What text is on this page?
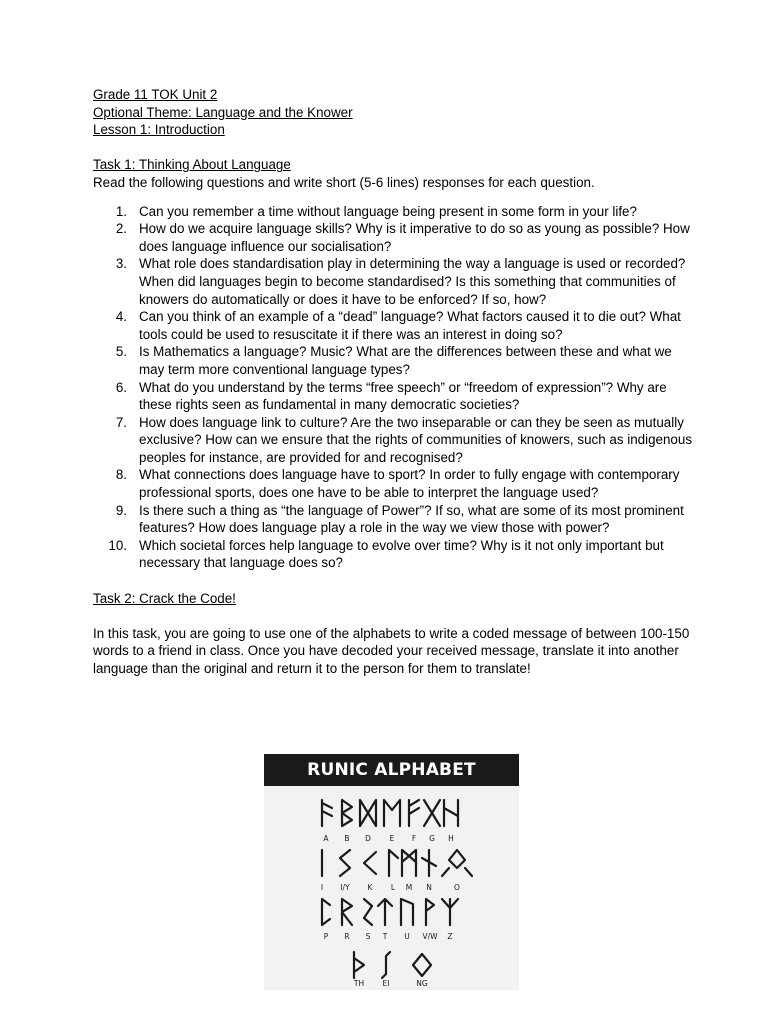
Grade 11 TOK Unit 2
Optional Theme: Language and the Knower
Lesson 1: Introduction
Task 1: Thinking About Language
Read the following questions and write short (5-6 lines) responses for each question.
1. Can you remember a time without language being present in some form in your life?
2. How do we acquire language skills? Why is it imperative to do so as young as possible? How does language influence our socialisation?
3. What role does standardisation play in determining the way a language is used or recorded? When did languages begin to become standardised? Is this something that communities of knowers do automatically or does it have to be enforced? If so, how?
4. Can you think of an example of a “dead” language? What factors caused it to die out? What tools could be used to resuscitate it if there was an interest in doing so?
5. Is Mathematics a language? Music? What are the differences between these and what we may term more conventional language types?
6. What do you understand by the terms “free speech” or “freedom of expression”? Why are these rights seen as fundamental in many democratic societies?
7. How does language link to culture? Are the two inseparable or can they be seen as mutually exclusive? How can we ensure that the rights of communities of knowers, such as indigenous peoples for instance, are provided for and recognised?
8. What connections does language have to sport? In order to fully engage with contemporary professional sports, does one have to be able to interpret the language used?
9. Is there such a thing as “the language of Power”? If so, what are some of its most prominent features? How does language play a role in the way we view those with power?
10. Which societal forces help language to evolve over time? Why is it not only important but necessary that language does so?
Task 2: Crack the Code!

In this task, you are going to use one of the alphabets to write a coded message of between 100-150 words to a friend in class. Once you have decoded your received message, translate it into another language than the original and return it to the person for them to translate!

RUNIC ALPHABET
A B D E F G H
I I/Y K L M N	O
P R S T U V/W Z
TH EI	NG
